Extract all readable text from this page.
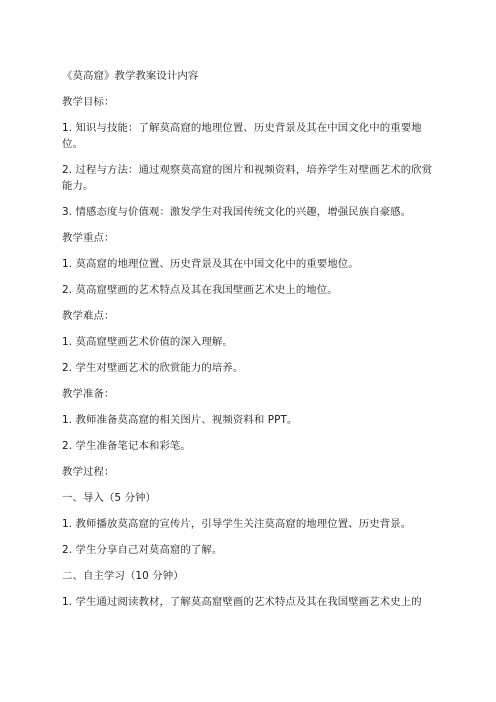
《莫高窟》教学教案设计内容

教学目标：

1. 知识与技能：了解莫高窟的地理位置、历史背景及其在中国文化中的重要地位。

2. 过程与方法：通过观察莫高窟的图片和视频资料，培养学生对壁画艺术的欣赏能力。

3. 情感态度与价值观：激发学生对我国传统文化的兴趣，增强民族自豪感。

教学重点：

1. 莫高窟的地理位置、历史背景及其在中国文化中的重要地位。

2. 莫高窟壁画的艺术特点及其在我国壁画艺术史上的地位。

教学难点：

1. 莫高窟壁画艺术价值的深入理解。

2. 学生对壁画艺术的欣赏能力的培养。

教学准备：

1. 教师准备莫高窟的相关图片、视频资料和 PPT。

2. 学生准备笔记本和彩笔。

教学过程：

一、导入（5 分钟）

1. 教师播放莫高窟的宣传片，引导学生关注莫高窟的地理位置、历史背景。

2. 学生分享自己对莫高窟的了解。

二、自主学习（10 分钟）

1. 学生通过阅读教材，了解莫高窟壁画的艺术特点及其在我国壁画艺术史上的
